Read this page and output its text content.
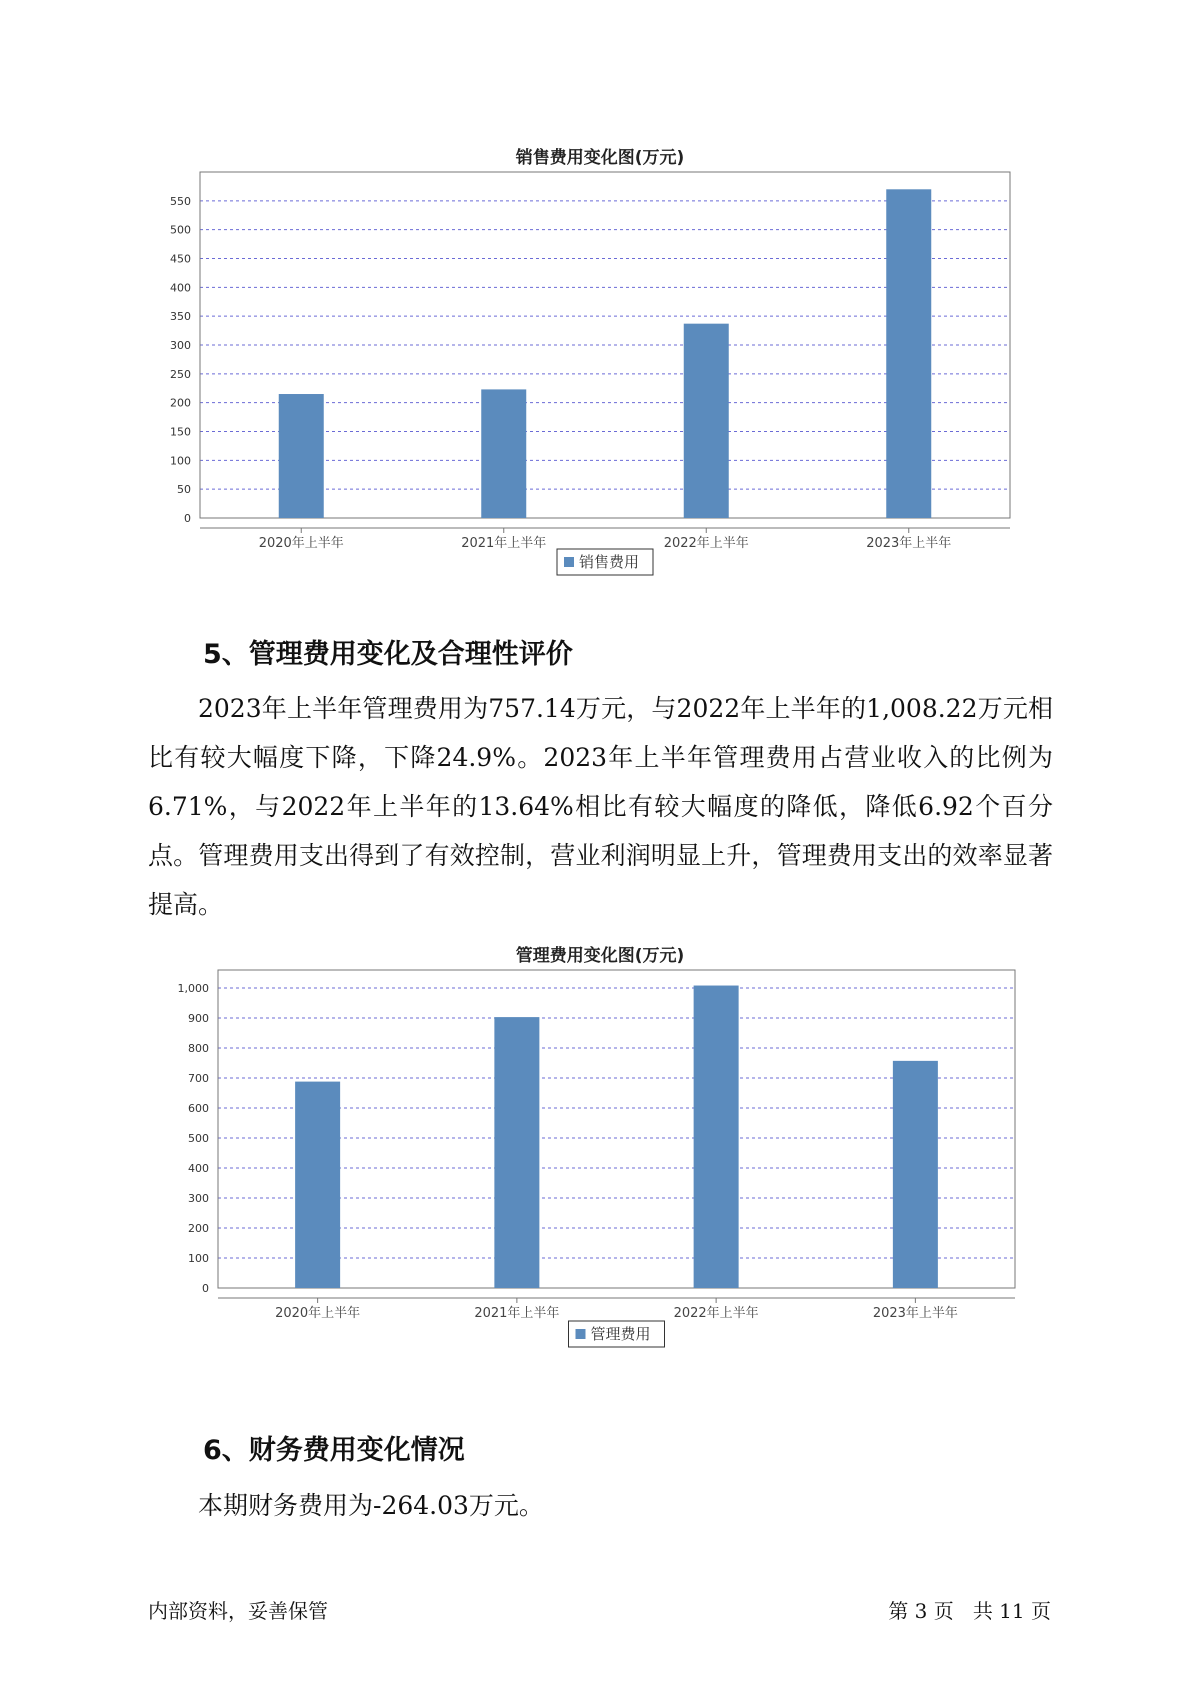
销售费用变化图(万元)
0
50
100
150
200
250
300
350
400
450
500
550
2020年上半年	2021年上半年	2022年上半年	2023年上半年
销售费用
5、管理费用变化及合理性评价

2023年上半年管理费用为757.14万元，与2022年上半年的1,008.22万元相比有较大幅度下降，下降24.9%。2023年上半年管理费用占营业收入的比例为6.71%，与2022年上半年的13.64%相比有较大幅度的降低，降低6.92个百分点。管理费用支出得到了有效控制，营业利润明显上升，管理费用支出的效率显著提高。

管理费用变化图(万元)
0
100
200
300
400
500
600
700
800
900
1,000
2020年上半年	2021年上半年	2022年上半年	2023年上半年
管理费用
6、财务费用变化情况

本期财务费用为-264.03万元。

内部资料，妥善保管	第 3 页   共 11 页
